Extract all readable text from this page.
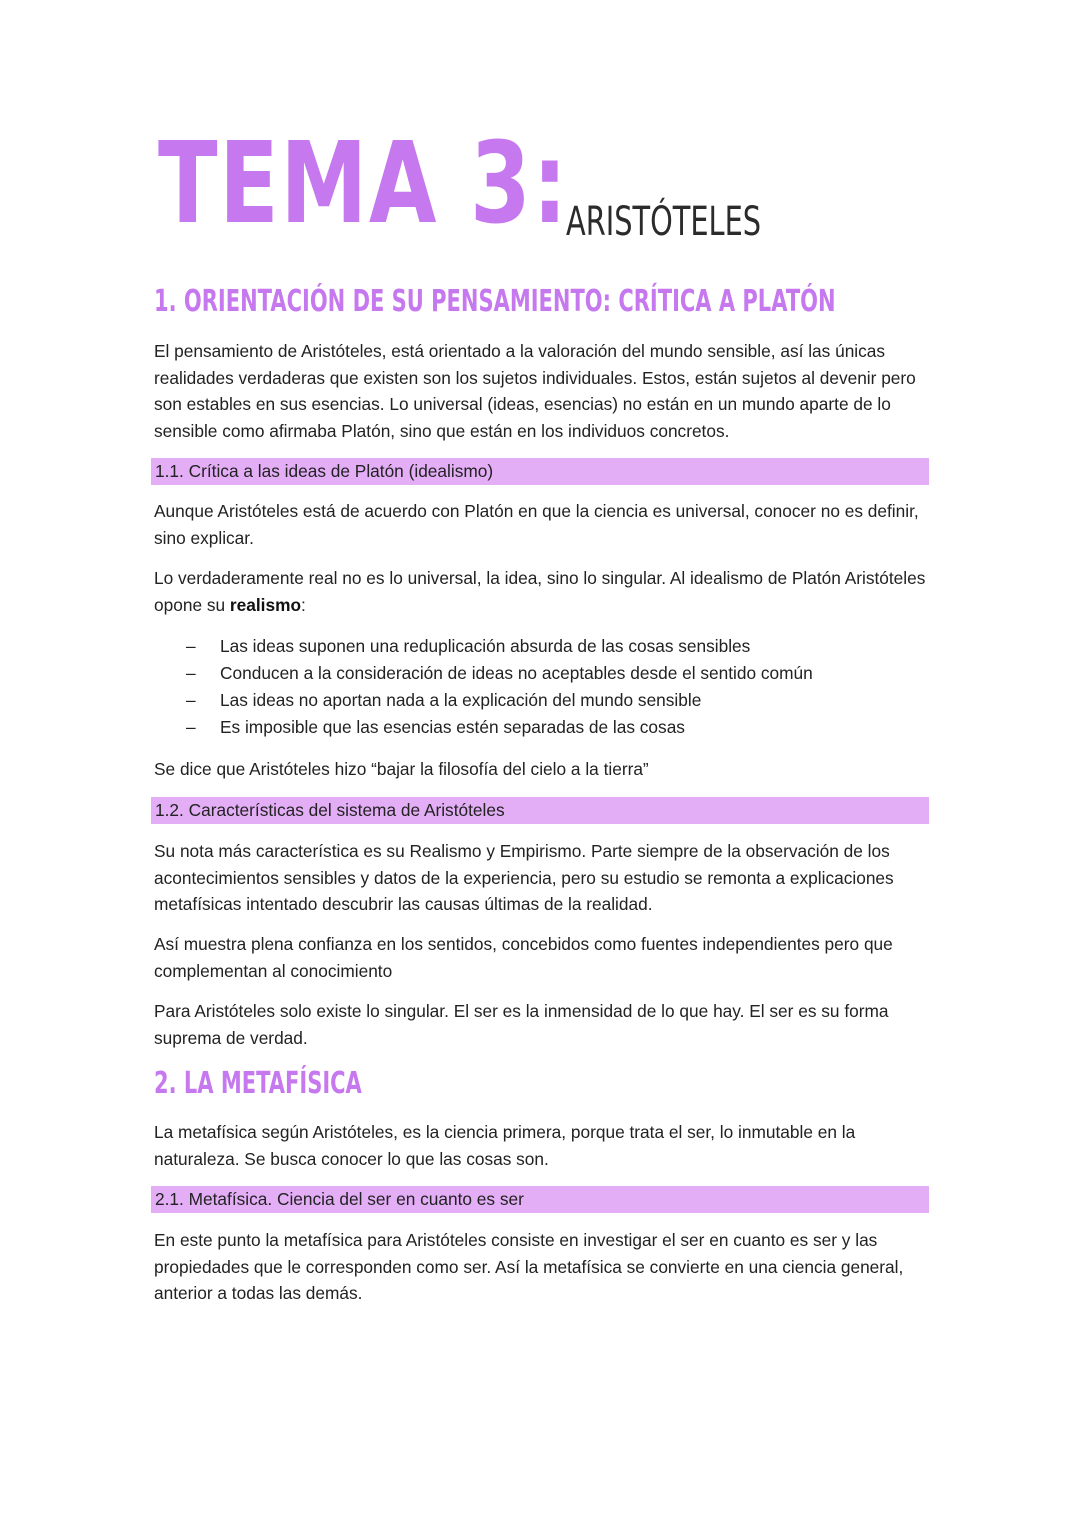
TEMA 3:
ARISTÓTELES
1. ORIENTACIÓN DE SU PENSAMIENTO: CRÍTICA A PLATÓN
El pensamiento de Aristóteles, está orientado a la valoración del mundo sensible, así las únicas realidades verdaderas que existen son los sujetos individuales. Estos, están sujetos al devenir pero son estables en sus esencias. Lo universal (ideas, esencias) no están en un mundo aparte de lo sensible como afirmaba Platón, sino que están en los individuos concretos.
1.1. Crítica a las ideas de Platón (idealismo)
Aunque Aristóteles está de acuerdo con Platón en que la ciencia es universal, conocer no es definir, sino explicar.
Lo verdaderamente real no es lo universal, la idea, sino lo singular. Al idealismo de Platón Aristóteles opone su realismo:
– Las ideas suponen una reduplicación absurda de las cosas sensibles
– Conducen a la consideración de ideas no aceptables desde el sentido común
– Las ideas no aportan nada a la explicación del mundo sensible
– Es imposible que las esencias estén separadas de las cosas
Se dice que Aristóteles hizo “bajar la filosofía del cielo a la tierra”
1.2. Características del sistema de Aristóteles
Su nota más característica es su Realismo y Empirismo. Parte siempre de la observación de los acontecimientos sensibles y datos de la experiencia, pero su estudio se remonta a explicaciones metafísicas intentado descubrir las causas últimas de la realidad.
Así muestra plena confianza en los sentidos, concebidos como fuentes independientes pero que complementan al conocimiento
Para Aristóteles solo existe lo singular. El ser es la inmensidad de lo que hay. El ser es su forma suprema de verdad.
2. LA METAFÍSICA
La metafísica según Aristóteles, es la ciencia primera, porque trata el ser, lo inmutable en la naturaleza. Se busca conocer lo que las cosas son.
2.1. Metafísica. Ciencia del ser en cuanto es ser
En este punto la metafísica para Aristóteles consiste en investigar el ser en cuanto es ser y las propiedades que le corresponden como ser. Así la metafísica se convierte en una ciencia general, anterior a todas las demás.
